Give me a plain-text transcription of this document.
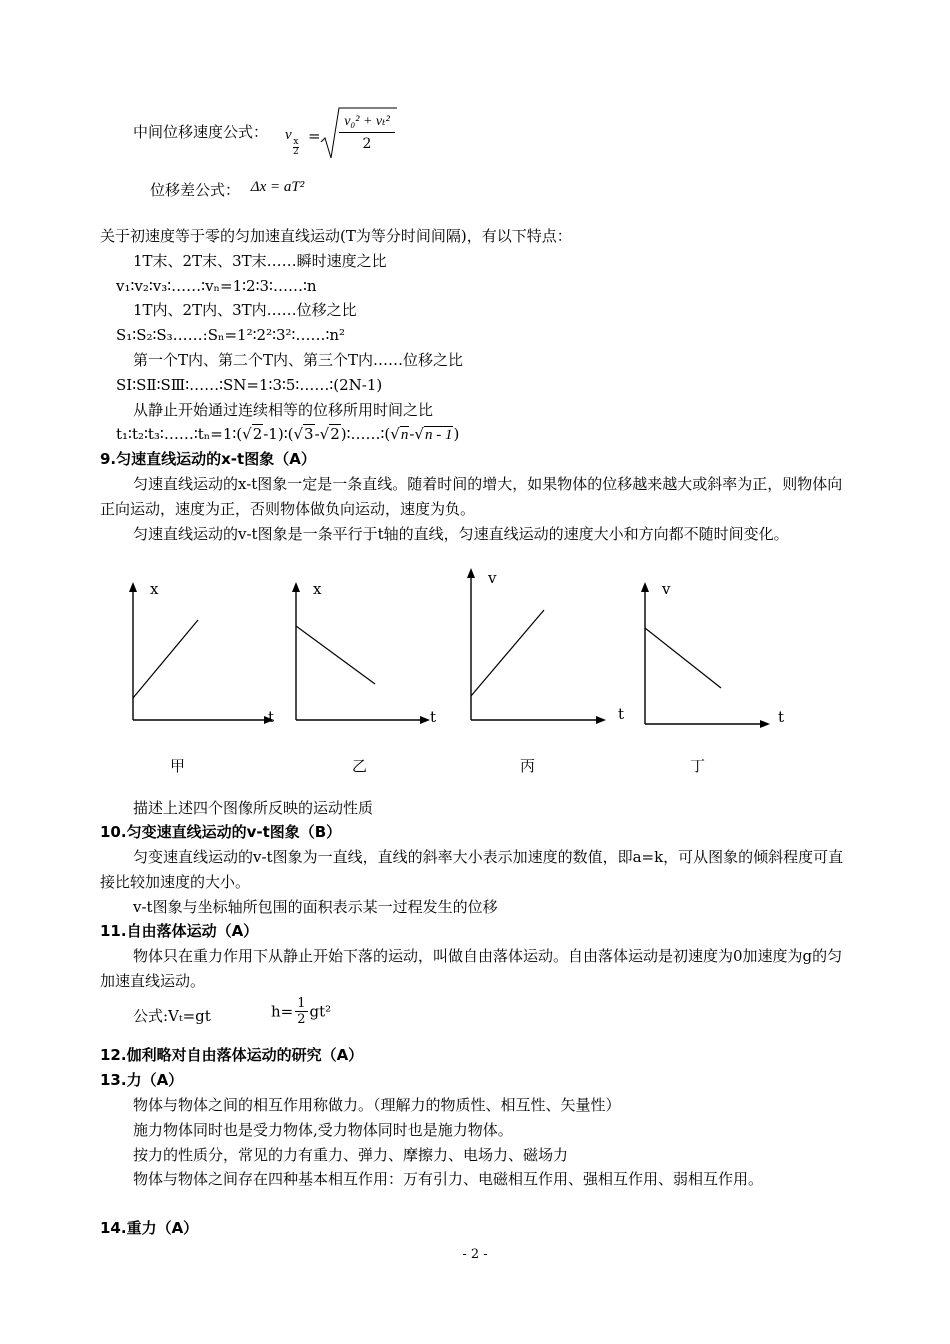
中间位移速度公式： v x
2
=
v₀² + vₜ²
2
位移差公式： Δx = aT²
关于初速度等于零的匀加速直线运动(T为等分时间间隔)，有以下特点：
1T末、2T末、3T末……瞬时速度之比
v₁∶v₂∶v₃∶……∶vₙ=1∶2∶3∶……∶n
1T内、2T内、3T内……位移之比
S₁∶S₂∶S₃……:Sₙ=1²∶2²∶3²∶……∶n²
第一个T内、第二个T内、第三个T内……位移之比
SⅠ∶SⅡ∶SⅢ∶……∶SN=1∶3∶5∶……∶(2N-1)
从静止开始通过连续相等的位移所用时间之比
t₁∶t₂∶t₃∶……∶tₙ=1∶(√2-1)∶(√3-√2)∶……∶(√n-√n - 1)
9.匀速直线运动的x-t图象（A）
匀速直线运动的x-t图象一定是一条直线。随着时间的增大，如果物体的位移越来越大或斜率为正，则物体向正向运动，速度为正，否则物体做负向运动，速度为负。
匀速直线运动的v-t图象是一条平行于t轴的直线，匀速直线运动的速度大小和方向都不随时间变化。
x
t
甲
x
t
乙
v
t
丙
v
t
丁
描述上述四个图像所反映的运动性质
10.匀变速直线运动的v-t图象（B）
匀变速直线运动的v-t图象为一直线，直线的斜率大小表示加速度的数值，即a=k，可从图象的倾斜程度可直接比较加速度的大小。
v-t图象与坐标轴所包围的面积表示某一过程发生的位移
11.自由落体运动（A）
物体只在重力作用下从静止开始下落的运动，叫做自由落体运动。自由落体运动是初速度为0加速度为g的匀加速直线运动。
公式:Vₜ=gt	$h= \frac{1}{2} gt^2$
12.伽利略对自由落体运动的研究（A）
13.力（A）
物体与物体之间的相互作用称做力。（理解力的物质性、相互性、矢量性）
施力物体同时也是受力物体,受力物体同时也是施力物体。
按力的性质分，常见的力有重力、弹力、摩擦力、电场力、磁场力
物体与物体之间存在四种基本相互作用：万有引力、电磁相互作用、强相互作用、弱相互作用。
14.重力（A）
- 2 -
